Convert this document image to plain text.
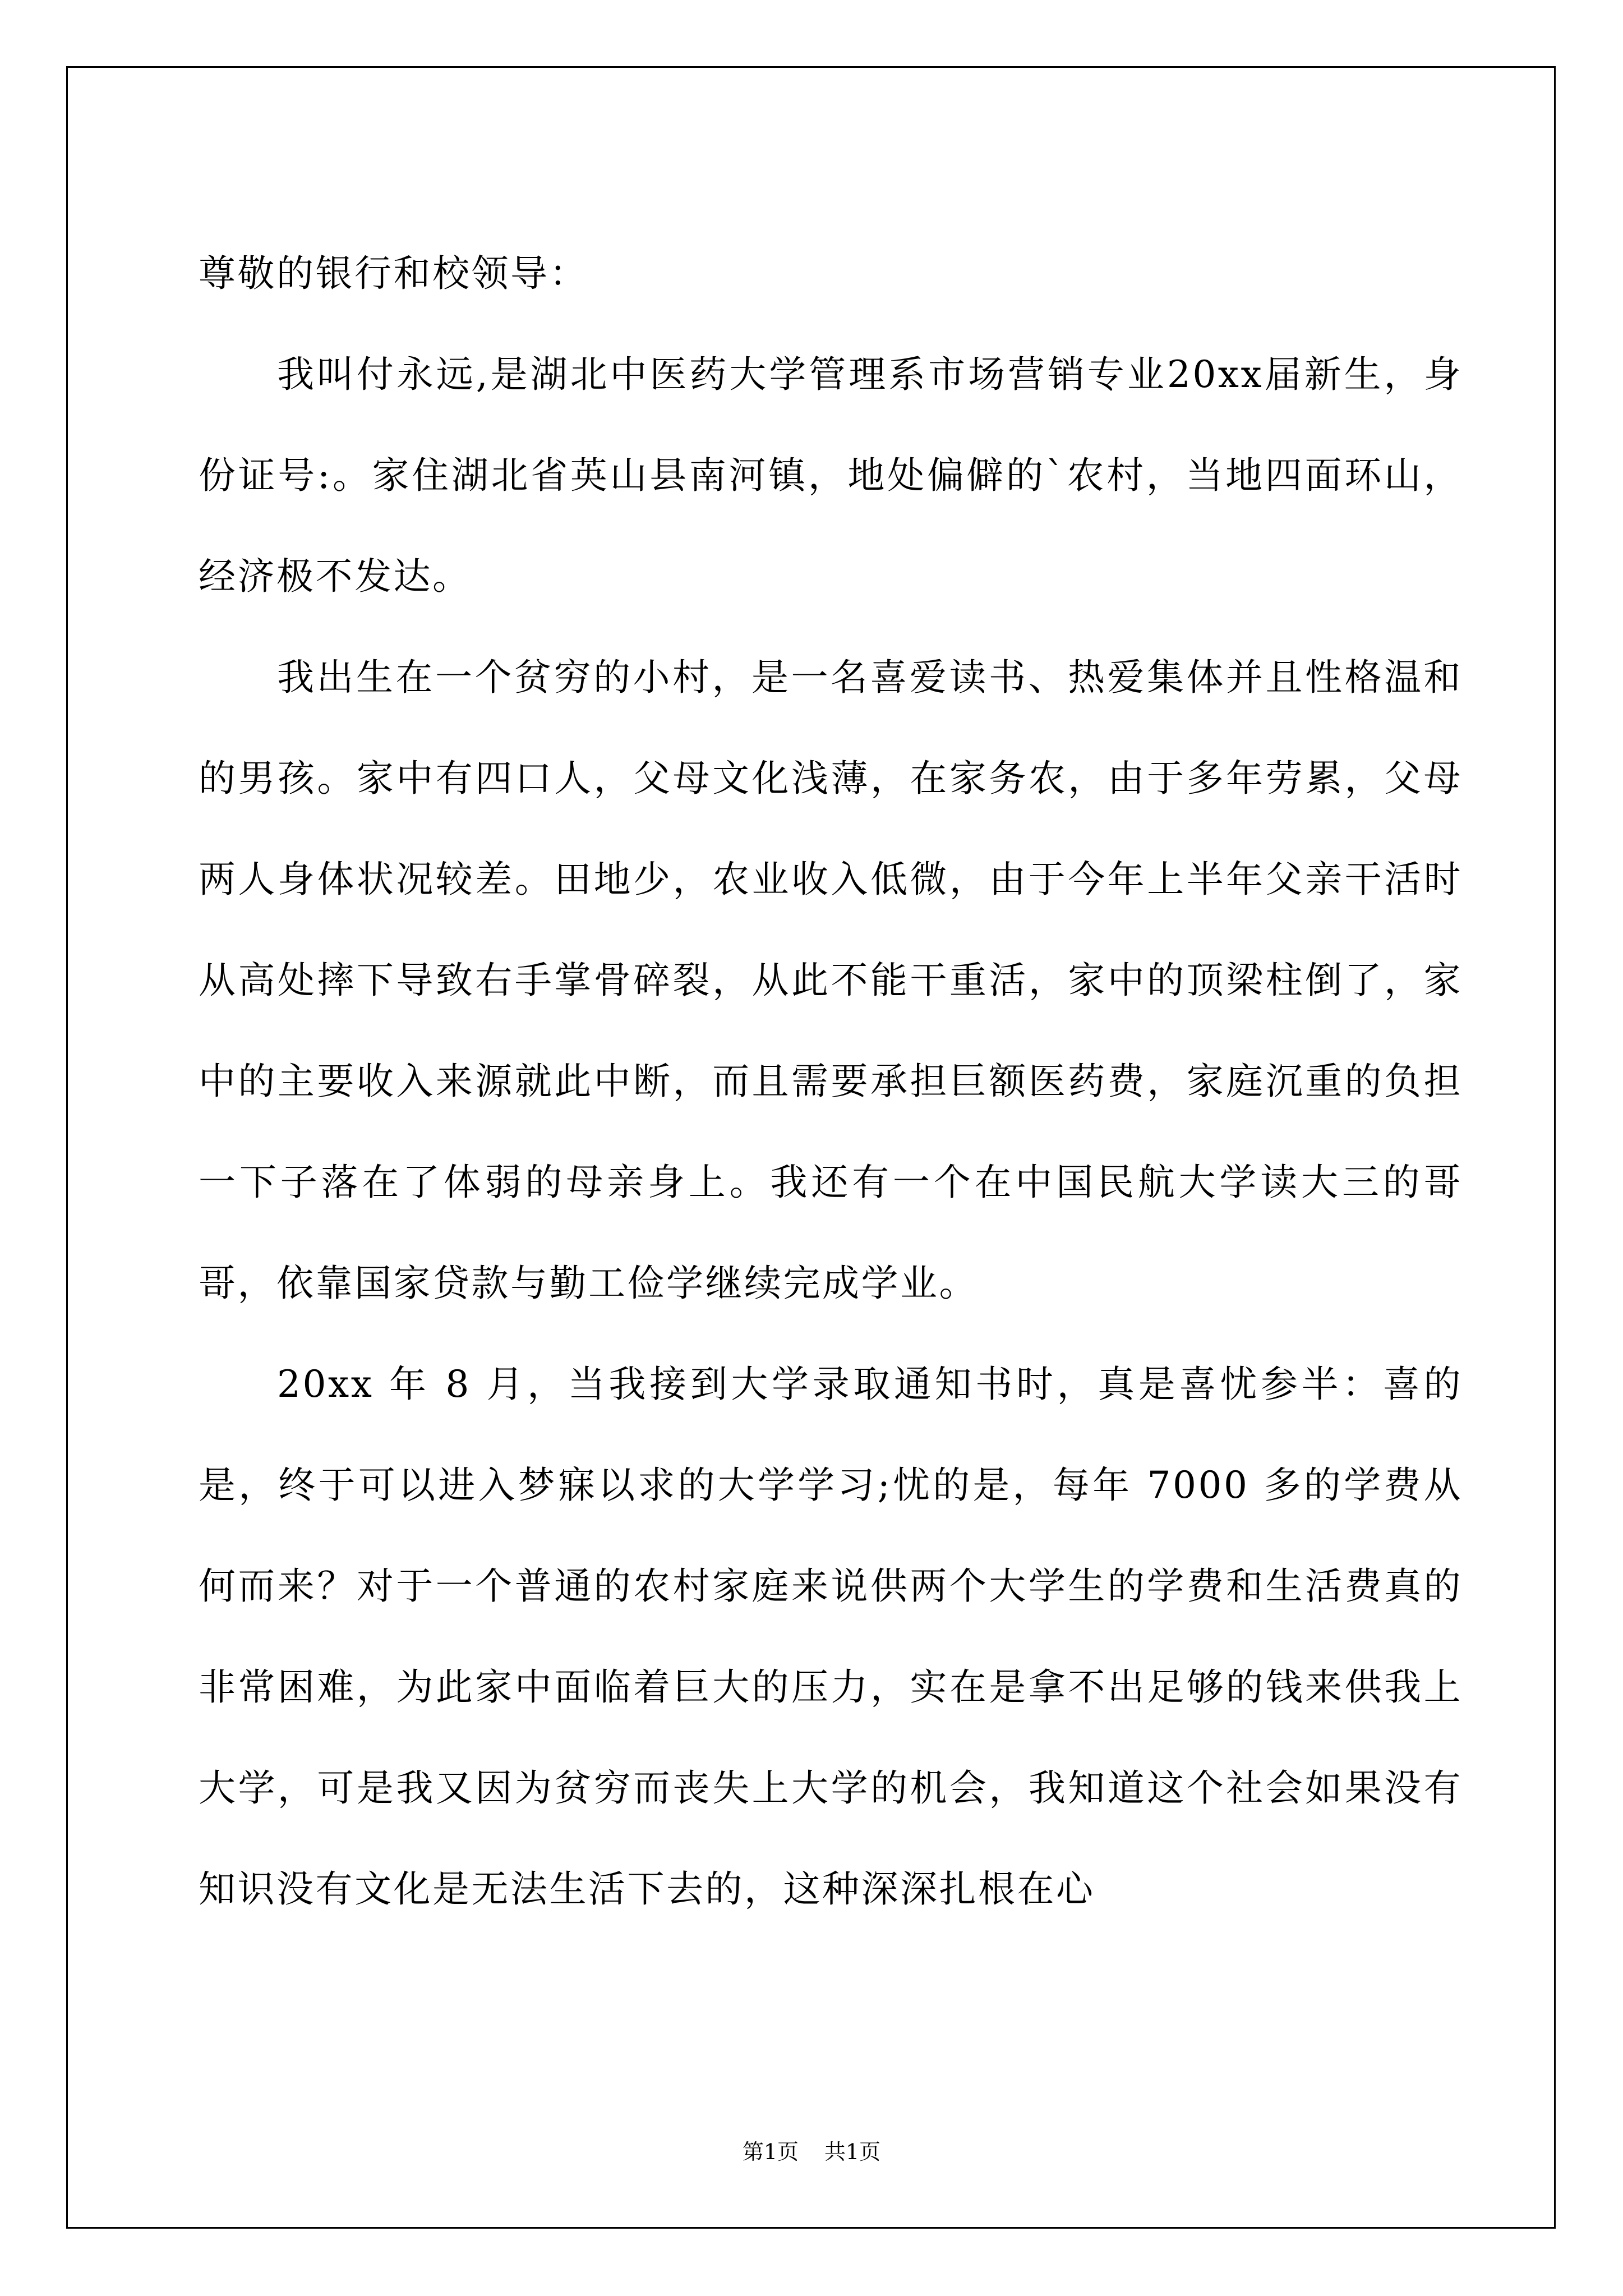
尊敬的银行和校领导：

我叫付永远,是湖北中医药大学管理系市场营销专业20xx届新生，身份证号:。家住湖北省英山县南河镇，地处偏僻的`农村，当地四面环山，经济极不发达。

我出生在一个贫穷的小村，是一名喜爱读书、热爱集体并且性格温和的男孩。家中有四口人，父母文化浅薄，在家务农，由于多年劳累，父母两人身体状况较差。田地少，农业收入低微，由于今年上半年父亲干活时从高处摔下导致右手掌骨碎裂，从此不能干重活，家中的顶梁柱倒了，家中的主要收入来源就此中断，而且需要承担巨额医药费，家庭沉重的负担一下子落在了体弱的母亲身上。我还有一个在中国民航大学读大三的哥哥，依靠国家贷款与勤工俭学继续完成学业。

20xx 年 8 月，当我接到大学录取通知书时，真是喜忧参半：喜的是，终于可以进入梦寐以求的大学学习;忧的是，每年 7000 多的学费从何而来？对于一个普通的农村家庭来说供两个大学生的学费和生活费真的非常困难，为此家中面临着巨大的压力，实在是拿不出足够的钱来供我上大学，可是我又因为贫穷而丧失上大学的机会，我知道这个社会如果没有知识没有文化是无法生活下去的，这种深深扎根在心

第1页 共1页
